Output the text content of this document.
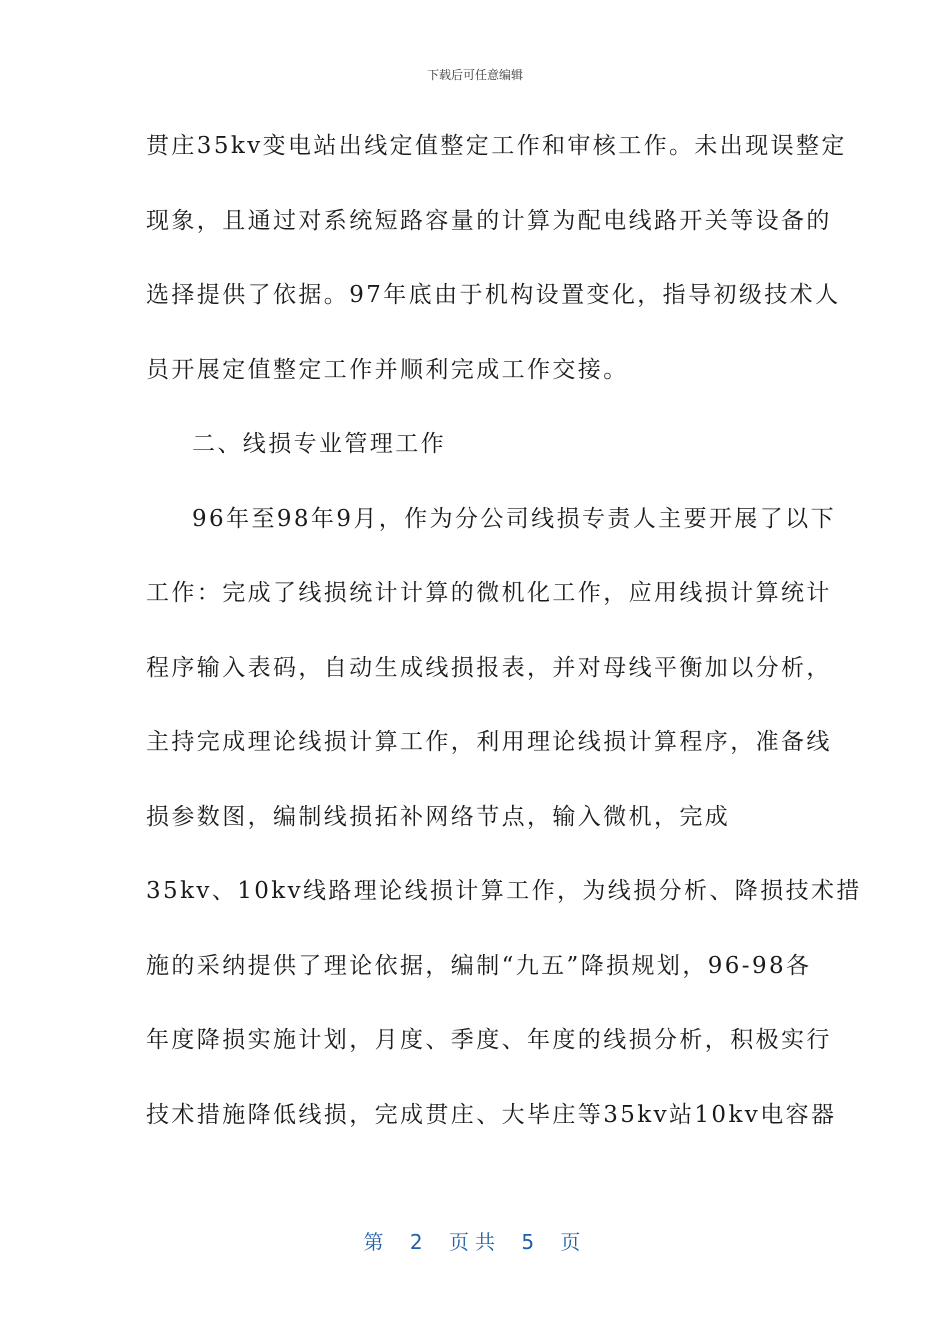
下载后可任意编辑
贯庄35kv变电站出线定值整定工作和审核工作。未出现误整定
现象，且通过对系统短路容量的计算为配电线路开关等设备的
选择提供了依据。97年底由于机构设置变化，指导初级技术人
员开展定值整定工作并顺利完成工作交接。
二、线损专业管理工作
96年至98年9月，作为分公司线损专责人主要开展了以下
工作：完成了线损统计计算的微机化工作，应用线损计算统计
程序输入表码，自动生成线损报表，并对母线平衡加以分析，
主持完成理论线损计算工作，利用理论线损计算程序，准备线
损参数图，编制线损拓补网络节点，输入微机，完成
35kv、10kv线路理论线损计算工作，为线损分析、降损技术措
施的采纳提供了理论依据，编制“九五”降损规划，96-98各
年度降损实施计划，月度、季度、年度的线损分析，积极实行
技术措施降低线损，完成贯庄、大毕庄等35kv站10kv电容器
第 2 页共 5 页
